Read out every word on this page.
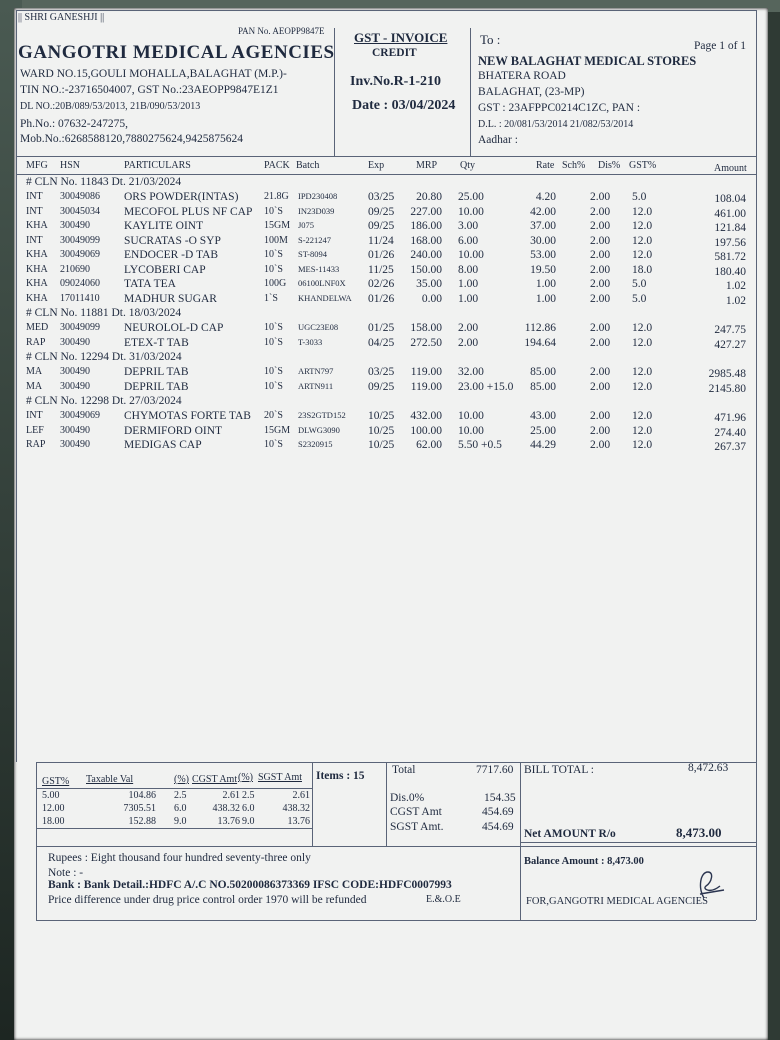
|| SHRI GANESHJI ||
PAN No. AEOPP9847E
GANGOTRI MEDICAL AGENCIES
WARD NO.15,GOULI MOHALLA,BALAGHAT (M.P.)-
TIN NO.:-23716504007, GST No.:23AEOPP9847E1Z1
DL NO.:20B/089/53/2013, 21B/090/53/2013
Ph.No.: 07632-247275,
Mob.No.:6268588120,7880275624,9425875624
GST - INVOICE
CREDIT
Inv.No.R-1-210
Date : 03/04/2024
To :	Page 1 of 1
NEW BALAGHAT MEDICAL STORES
BHATERA ROAD
BALAGHAT, (23-MP)
GST : 23AFPPC0214C1ZC, PAN :
D.L. : 20/081/53/2014 21/082/53/2014
Aadhar :
MFG HSN	PARTICULARS	PACK Batch	Exp	MRP Qty	Rate Sch% Dis% GST%	Amount
# CLN No. 11843 Dt. 21/03/2024
INT 30049086 ORS POWDER(INTAS)	21.8G IPD230408	03/25	20.80 25.00	4.20	2.00 5.0	108.04
INT 30045034 MECOFOL PLUS NF CAP 10`S IN23D039	09/25	227.00 10.00	42.00	2.00 12.0	461.00
KHA 300490	KAYLITE OINT	15GM J075	09/25	186.00 3.00	37.00	2.00 12.0	121.84
INT 30049099 SUCRATAS -O SYP	100M S-221247	11/24	168.00 6.00	30.00	2.00 12.0	197.56
KHA 30049069 ENDOCER -D TAB	10`S ST-8094	01/26	240.00 10.00	53.00	2.00 12.0	581.72
KHA 210690	LYCOBERI CAP	10`S MES-11433	11/25	150.00 8.00	19.50	2.00 18.0	180.40
KHA 09024060 TATA TEA	100G 06100LNF0X 02/26	35.00 1.00	1.00	2.00 5.0	1.02
KHA 17011410 MADHUR SUGAR	1`S KHANDELWA 01/26	0.00 1.00	1.00	2.00 5.0	1.02
# CLN No. 11881 Dt. 18/03/2024
MED 30049099 NEUROLOL-D CAP	10`S UGC23E08	01/25	158.00 2.00	112.86	2.00 12.0	247.75
RAP 300490	ETEX-T TAB	10`S T-3033	04/25	272.50 2.00	194.64	2.00 12.0	427.27
# CLN No. 12294 Dt. 31/03/2024
MA 300490	DEPRIL TAB	10`S ARTN797	03/25	119.00 32.00	85.00	2.00 12.0	2985.48
MA 300490	DEPRIL TAB	10`S ARTN911	09/25	119.00 23.00 +15.0	85.00	2.00 12.0	2145.80
# CLN No. 12298 Dt. 27/03/2024
INT 30049069 CHYMOTAS FORTE TAB 20`S 23S2GTD152 10/25	432.00 10.00	43.00	2.00 12.0	471.96
LEF 300490	DERMIFORD OINT	15GM DLWG3090 10/25	100.00 10.00	25.00	2.00 12.0	274.40
RAP 300490	MEDIGAS CAP	10`S S2320915	10/25	62.00 5.50 +0.5	44.29	2.00 12.0	267.37
GST% Taxable Val	(%) CGST Amt (%) SGST Amt
5.00	104.86 2.5	2.61 2.5	2.61
12.00	7305.51 6.0	438.32 6.0	438.32
18.00	152.88 9.0	13.76 9.0	13.76
Items : 15 Total	7717.60
Dis.0%	154.35
CGST Amt	454.69
SGST Amt.	454.69
BILL TOTAL :	8,472.63
Net AMOUNT R/o	8,473.00
Balance Amount : 8,473.00
Rupees : Eight thousand four hundred seventy-three only
Note : -
Bank : Bank Detail.:HDFC A/.C NO.50200086373369 IFSC CODE:HDFC0007993
Price difference under drug price control order 1970 will be refunded	E.&.O.E	FOR,GANGOTRI MEDICAL AGENCIES
